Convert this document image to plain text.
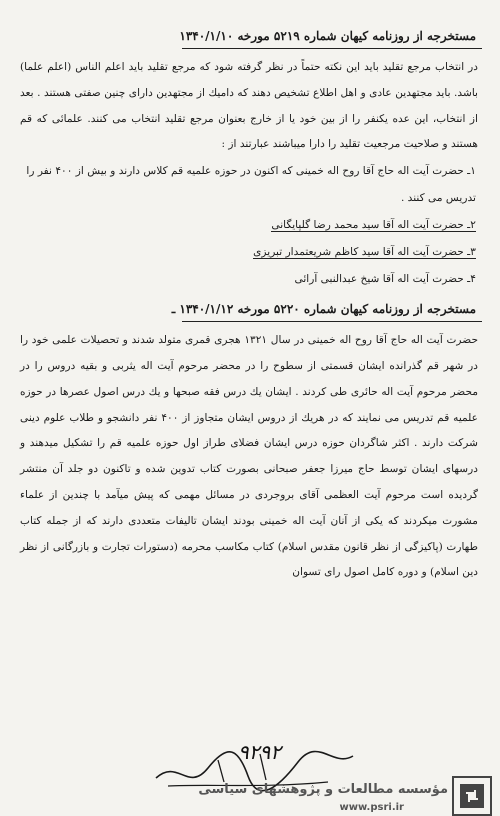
مستخرجه از روزنامه کیهان شماره ۵۲۱۹ مورخه ۱۳۴۰/۱/۱۰

در انتخاب مرجع تقلید باید این نکته حتماً در نظر گرفته شود که مرجع تقلید باید اعلم الناس (اعلم علما) باشد. باید مجتهدین عادی و اهل اطلاع تشخیص دهند که دامیك از مجتهدین دارای چنین صفتی هستند . بعد از انتخاب، این عده یکنفر را از بین خود یا از خارج بعنوان مرجع تقلید انتخاب می کنند. علمائی که قم هستند و صلاحیت مرجعیت تقلید را دارا میباشند عبارتند از :

۱ـ حضرت آیت اله حاج آقا روح اله خمینی که اکنون در حوزه علمیه قم کلاس دارند و بیش از ۴۰۰ نفر را تدریس می کنند .

۲ـ حضرت آیت اله آقا سید محمد رضا گلپایگانی

۳ـ حضرت آیت اله آقا سید کاظم شریعتمدار تبریزی

۴ـ حضرت آیت اله آقا شیخ عبدالنبی آرائی

مستخرجه از روزنامه کیهان شماره ۵۲۲۰ مورخه ۱۳۴۰/۱/۱۲ ـ

حضرت آیت اله حاج آقا روح اله خمینی در سال ۱۳۲۱ هجری قمری متولد شدند و تحصیلات علمی خود را در شهر قم گذرانده ایشان قسمتی از سطوح را در محضر مرحوم آیت اله یثربی و بقیه دروس را در محضر مرحوم آیت اله حائری طی کردند . ایشان یك درس فقه صبحها و یك درس اصول عصرها در حوزه علمیه قم تدریس می نمایند که در هریك از دروس ایشان متجاوز از ۴۰۰ نفر دانشجو و طلاب علوم دینی شرکت دارند . اکثر شاگردان حوزه درس ایشان فضلای طراز اول حوزه علمیه قم را تشکیل میدهند و درسهای ایشان توسط حاج میرزا جعفر صبحانی بصورت کتاب تدوین شده و تاکنون دو جلد آن منتشر گردیده است مرحوم آیت العظمی آقای بروجردی در مسائل مهمی که پیش میآمد با چندین از علماء مشورت میکردند که یکی از آنان آیت اله خمینی بودند ایشان تالیفات متعددی دارند که از جمله کتاب طهارت (پاکیزگی از نظر قانون مقدس اسلام) کتاب مکاسب محرمه (دستورات تجارت و بازرگانی از نظر دین اسلام) و دوره کامل اصول رای تسوان

۹۲۹۲
مؤسسه مطالعات و پژوهشهای سیاسی
www.psri.ir
